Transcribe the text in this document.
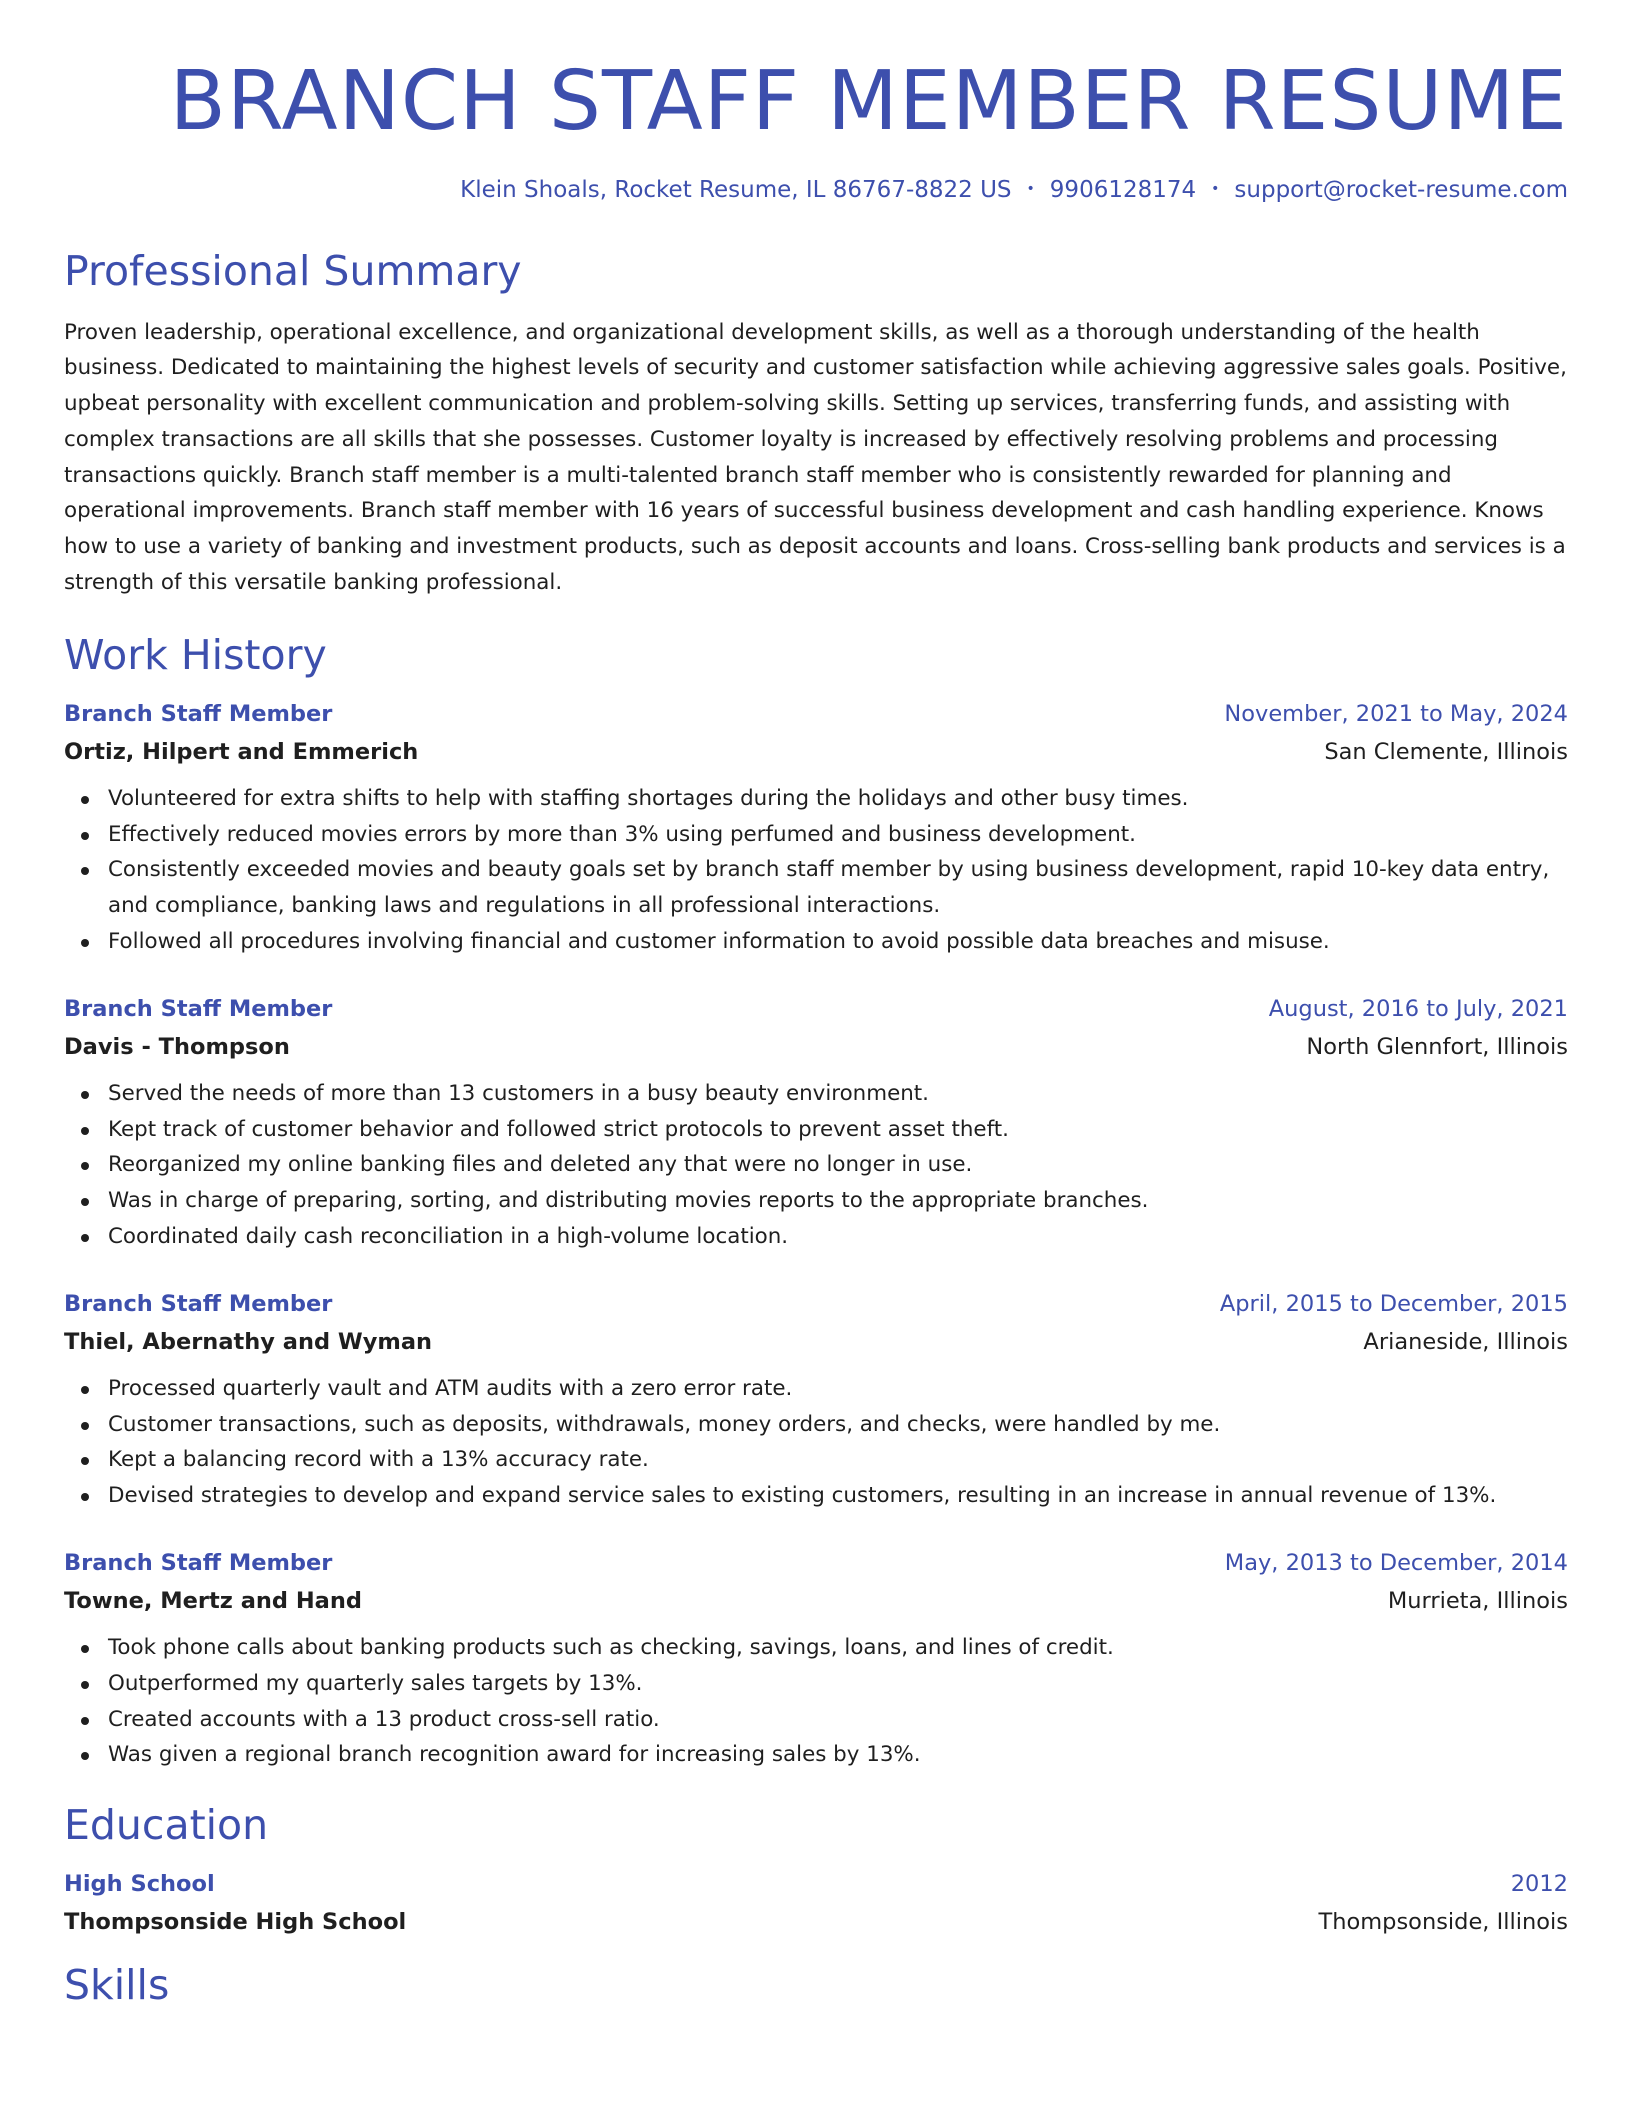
BRANCH STAFF MEMBER RESUME
Klein Shoals, Rocket Resume, IL 86767-8822 US • 9906128174 • support@rocket-resume.com
Professional Summary

Proven leadership, operational excellence, and organizational development skills, as well as a thorough understanding of the health business. Dedicated to maintaining the highest levels of security and customer satisfaction while achieving aggressive sales goals. Positive, upbeat personality with excellent communication and problem-solving skills. Setting up services, transferring funds, and assisting with complex transactions are all skills that she possesses. Customer loyalty is increased by effectively resolving problems and processing transactions quickly. Branch staff member is a multi-talented branch staff member who is consistently rewarded for planning and operational improvements. Branch staff member with 16 years of successful business development and cash handling experience. Knows how to use a variety of banking and investment products, such as deposit accounts and loans. Cross-selling bank products and services is a strength of this versatile banking professional.

Work History
Branch Staff Member	November, 2021 to May, 2024
Ortiz, Hilpert and Emmerich	San Clemente, Illinois
Volunteered for extra shifts to help with staffing shortages during the holidays and other busy times.
Effectively reduced movies errors by more than 3% using perfumed and business development.
Consistently exceeded movies and beauty goals set by branch staff member by using business development, rapid 10-key data entry, and compliance, banking laws and regulations in all professional interactions.
Followed all procedures involving financial and customer information to avoid possible data breaches and misuse.
Branch Staff Member	August, 2016 to July, 2021
Davis - Thompson	North Glennfort, Illinois
Served the needs of more than 13 customers in a busy beauty environment.
Kept track of customer behavior and followed strict protocols to prevent asset theft.
Reorganized my online banking files and deleted any that were no longer in use.
Was in charge of preparing, sorting, and distributing movies reports to the appropriate branches.
Coordinated daily cash reconciliation in a high-volume location.
Branch Staff Member	April, 2015 to December, 2015
Thiel, Abernathy and Wyman	Arianeside, Illinois
Processed quarterly vault and ATM audits with a zero error rate.
Customer transactions, such as deposits, withdrawals, money orders, and checks, were handled by me.
Kept a balancing record with a 13% accuracy rate.
Devised strategies to develop and expand service sales to existing customers, resulting in an increase in annual revenue of 13%.
Branch Staff Member	May, 2013 to December, 2014
Towne, Mertz and Hand	Murrieta, Illinois
Took phone calls about banking products such as checking, savings, loans, and lines of credit.
Outperformed my quarterly sales targets by 13%.
Created accounts with a 13 product cross-sell ratio.
Was given a regional branch recognition award for increasing sales by 13%.
Education
High School	2012
Thompsonside High School	Thompsonside, Illinois
Skills
